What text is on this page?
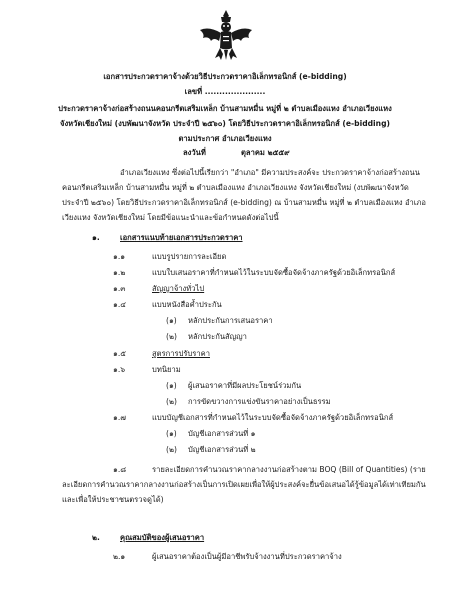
เอกสารประกวดราคาจ้างด้วยวิธีประกวดราคาอิเล็กทรอนิกส์ (e-bidding)
เลขที่ .....................
ประกวดราคาจ้างก่อสร้างถนนคอนกรีตเสริมเหล็ก บ้านสามหมื่น หมู่ที่ ๒ ตำบลเมืองแหง อำเภอเวียงแหง
จังหวัดเชียงใหม่ (งบพัฒนาจังหวัด ประจำปี ๒๕๖๐) โดยวิธีประกวดราคาอิเล็กทรอนิกส์ (e-bidding)
ตามประกาศ อำเภอเวียงแหง
ลงวันที่	ตุลาคม ๒๕๕๙
อำเภอเวียงแหง ซึ่งต่อไปนี้เรียกว่า "อำเภอ" มีความประสงค์จะ ประกวดราคาจ้างก่อสร้างถนน
คอนกรีตเสริมเหล็ก บ้านสามหมื่น หมู่ที่ ๒ ตำบลเมืองแหง อำเภอเวียงแหง จังหวัดเชียงใหม่ (งบพัฒนาจังหวัด
ประจำปี ๒๕๖๐) โดยวิธีประกวดราคาอิเล็กทรอนิกส์ (e-bidding) ณ บ้านสามหมื่น หมู่ที่ ๒ ตำบลเมืองแหง อำเภอ
เวียงแหง จังหวัดเชียงใหม่ โดยมีข้อแนะนำและข้อกำหนดดังต่อไปนี้
๑.	เอกสารแนบท้ายเอกสารประกวดราคา
๑.๑	แบบรูปรายการละเอียด
๑.๒	แบบใบเสนอราคาที่กำหนดไว้ในระบบจัดซื้อจัดจ้างภาครัฐด้วยอิเล็กทรอนิกส์
๑.๓	สัญญาจ้างทั่วไป
๑.๔	แบบหนังสือค้ำประกัน
(๑) หลักประกันการเสนอราคา
(๒) หลักประกันสัญญา
๑.๕	สูตรการปรับราคา
๑.๖	บทนิยาม
(๑) ผู้เสนอราคาที่มีผลประโยชน์ร่วมกัน
(๒) การขัดขวางการแข่งขันราคาอย่างเป็นธรรม
๑.๗	แบบบัญชีเอกสารที่กำหนดไว้ในระบบจัดซื้อจัดจ้างภาครัฐด้วยอิเล็กทรอนิกส์
(๑) บัญชีเอกสารส่วนที่ ๑
(๒) บัญชีเอกสารส่วนที่ ๒
๑.๘	รายละเอียดการคำนวณราคากลางงานก่อสร้างตาม BOQ (Bill of Quantities) (ราย
ละเอียดการคำนวณราคากลางงานก่อสร้างเป็นการเปิดเผยเพื่อให้ผู้ประสงค์จะยื่นข้อเสนอได้รู้ข้อมูลได้เท่าเทียมกัน
และเพื่อให้ประชาชนตรวจดูได้)
๒.	คุณสมบัติของผู้เสนอราคา
๒.๑	ผู้เสนอราคาต้องเป็นผู้มีอาชีพรับจ้างงานที่ประกวดราคาจ้าง
